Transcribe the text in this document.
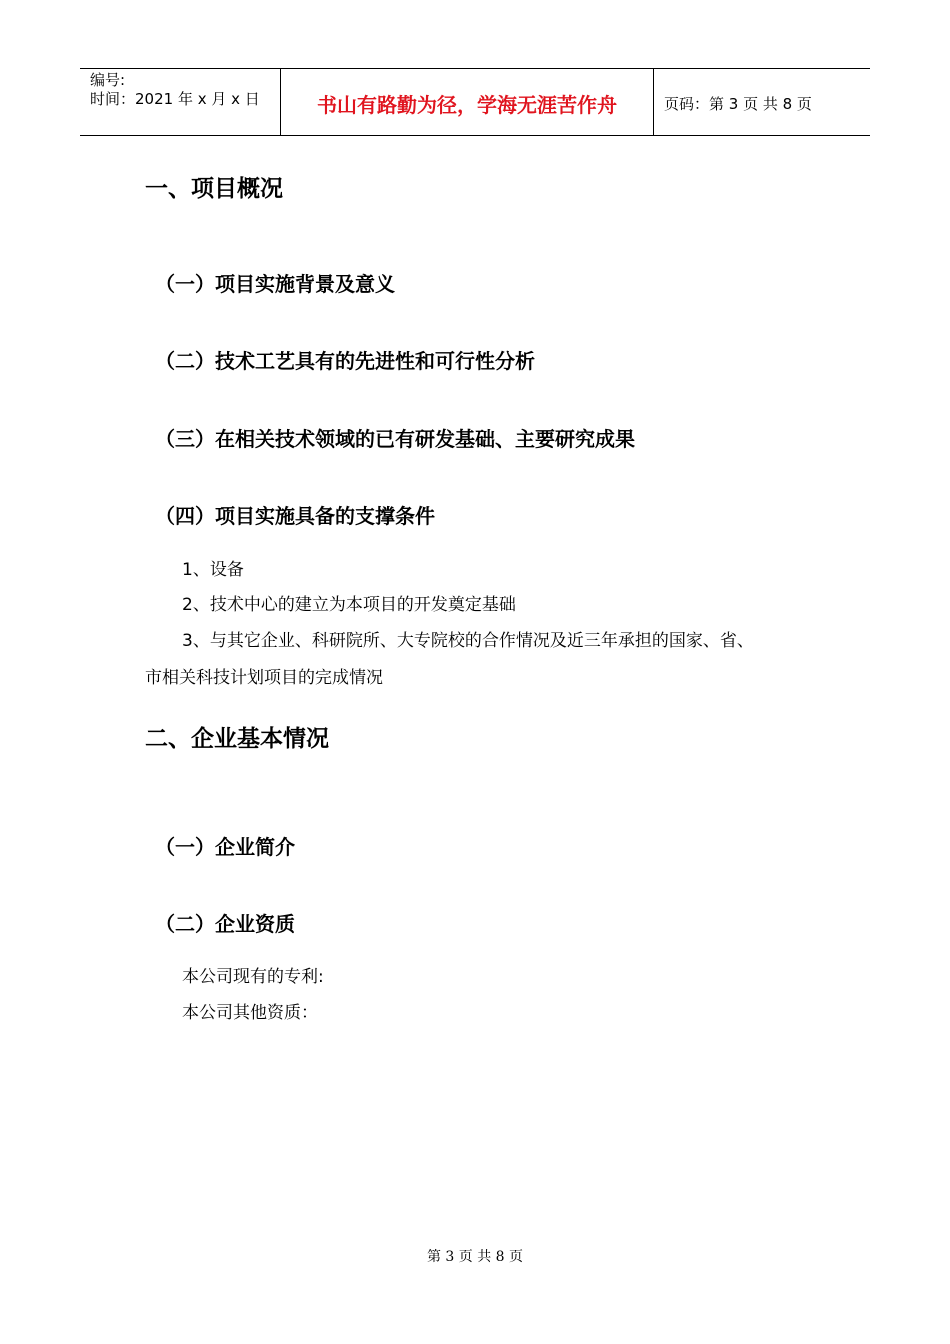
编号:
时间：2021 年 x 月 x 日	书山有路勤为径，学海无涯苦作舟	页码：第 3 页 共 8 页
一、项目概况
（一）项目实施背景及意义
（二）技术工艺具有的先进性和可行性分析
（三）在相关技术领域的已有研发基础、主要研究成果
（四）项目实施具备的支撑条件
1、设备
2、技术中心的建立为本项目的开发奠定基础
3、与其它企业、科研院所、大专院校的合作情况及近三年承担的国家、省、
市相关科技计划项目的完成情况
二、企业基本情况
（一）企业简介
（二）企业资质
本公司现有的专利:
本公司其他资质：
第 3 页 共 8 页
